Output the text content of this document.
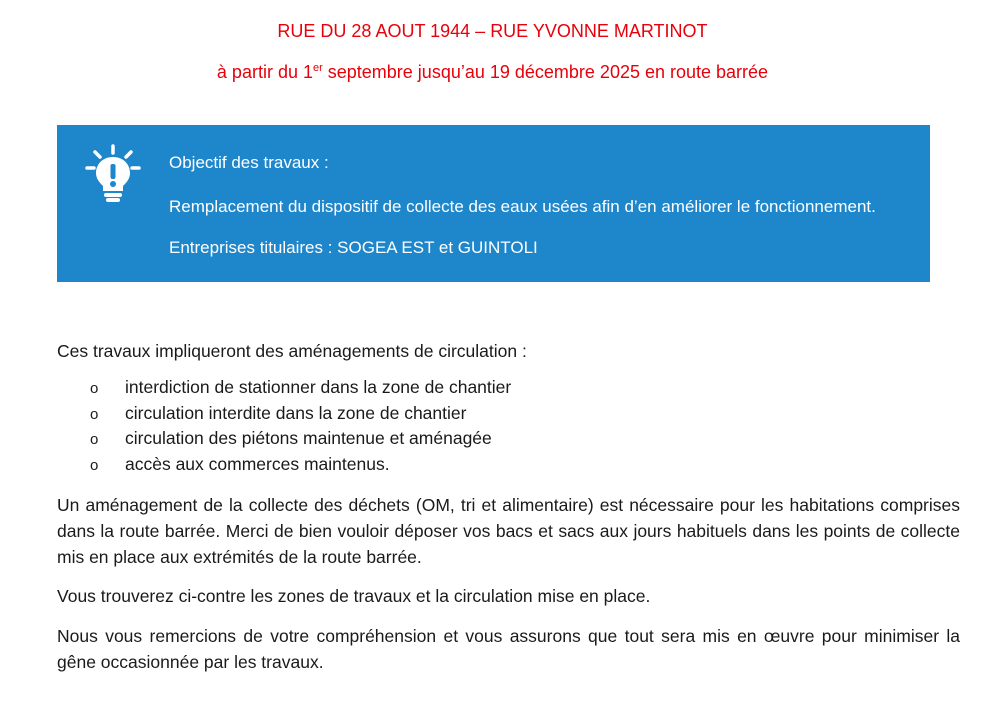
RUE DU 28 AOUT 1944 – RUE YVONNE MARTINOT
à partir du 1er septembre jusqu’au 19 décembre 2025 en route barrée
Objectif des travaux :
Remplacement du dispositif de collecte des eaux usées afin d’en améliorer le fonctionnement.
Entreprises titulaires : SOGEA EST et GUINTOLI

Ces travaux impliqueront des aménagements de circulation :

o interdiction de stationner dans la zone de chantier
o circulation interdite dans la zone de chantier
o circulation des piétons maintenue et aménagée
o accès aux commerces maintenus.

Un aménagement de la collecte des déchets (OM, tri et alimentaire) est nécessaire pour les habitations comprises dans la route barrée. Merci de bien vouloir déposer vos bacs et sacs aux jours habituels dans les points de collecte mis en place aux extrémités de la route barrée.

Vous trouverez ci-contre les zones de travaux et la circulation mise en place.

Nous vous remercions de votre compréhension et vous assurons que tout sera mis en œuvre pour minimiser la gêne occasionnée par les travaux.
